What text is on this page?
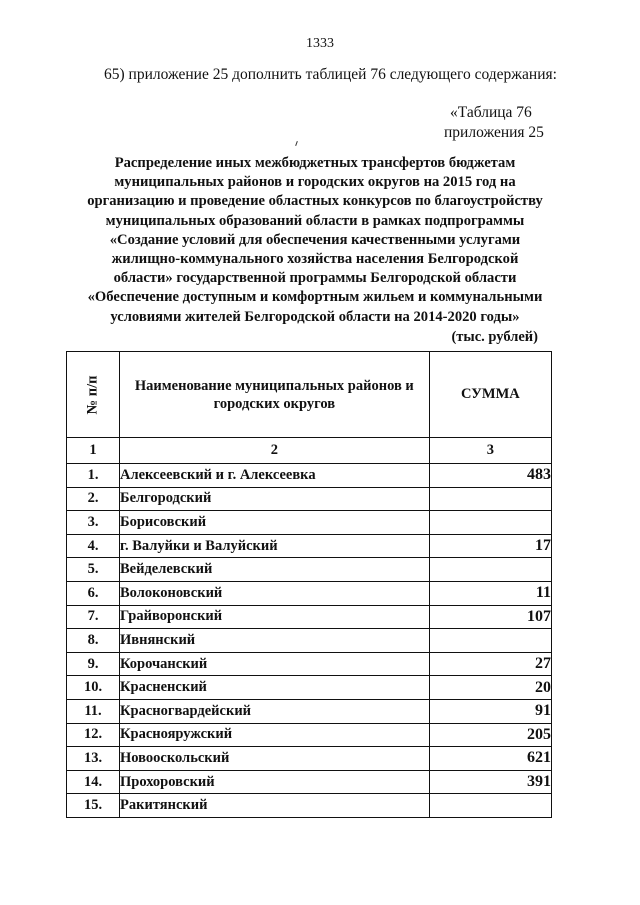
1333
65) приложение 25 дополнить таблицей 76 следующего содержания:
«Таблица 76
приложения 25
Распределение иных межбюджетных трансфертов бюджетам
муниципальных районов и городских округов на 2015 год на
организацию и проведение областных конкурсов по благоустройству
муниципальных образований области в рамках подпрограммы
«Создание условий для обеспечения качественными услугами
жилищно-коммунального хозяйства населения Белгородской
области» государственной программы Белгородской области
«Обеспечение доступным и комфортным жильем и коммунальными
условиями жителей Белгородской области на 2014-2020 годы»
(тыс. рублей)
№ п/п	Наименование муниципальных районов и городских округов	СУММА
1	2	3
1.	Алексеевский и г. Алексеевка	483
2.	Белгородский	
3.	Борисовский	
4.	г. Валуйки и Валуйский	17
5.	Вейделевский	
6.	Волоконовский	11
7.	Грайворонский	107
8.	Ивнянский	
9.	Корочанский	27
10.	Красненский	20
11.	Красногвардейский	91
12.	Краснояружский	205
13.	Новооскольский	621
14.	Прохоровский	391
15.	Ракитянский	
